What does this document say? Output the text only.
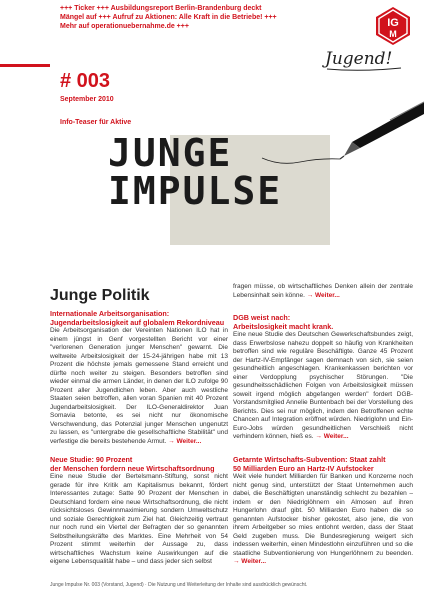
+++ Ticker +++ Ausbildungsreport Berlin-Brandenburg deckt
Mängel auf +++ Aufruf zu Aktionen: Alle Kraft in die Betriebe! +++
Mehr auf operationuebernahme.de +++	IG
M
Jugend!
# 003
September 2010
Info-Teaser für Aktive
JUNGE
IMPULSE
Junge Politik

Internationale Arbeitsorganisation:

Jugendarbeitslosigkeit auf globalem Rekordniveau

Die Arbeitsorganisation der Vereinten Nationen ILO hat in einem jüngst in Genf vorgestellten Bericht vor einer "verlorenen Generation junger Menschen" gewarnt. Die weltweite Arbeitslosigkeit der 15-24-jährigen habe mit 13 Prozent die höchste jemals gemessene Stand erreicht und dürfte noch weiter zu steigen. Besonders betroffen sind wieder einmal die armen Länder, in denen der ILO zufolge 90 Prozent aller Jugendlichen leben. Aber auch westliche Staaten seien betroffen, allen voran Spanien mit 40 Prozent Jugendarbeitslosigkeit. Der ILO-Generaldirektor Juan Somavia betonte, es sei nicht nur ökonomische Verschwendung, das Potenzial junger Menschen ungenutzt zu lassen, es "untergrabe die gesellschaftliche Stabilität" und verfestige die bereits bestehende Armut. → Weiter...

Neue Studie: 90 Prozent

der Menschen fordern neue Wirtschaftsordnung

Eine neue Studie der Bertelsmann-Stiftung, sonst nicht gerade für ihre Kritik am Kapitalismus bekannt, fördert Interessantes zutage: Satte 90 Prozent der Menschen in Deutschland fordern eine neue Wirtschaftsordnung, die nicht rücksichtsloses Gewinnmaximierung sondern Umweltschutz und soziale Gerechtigkeit zum Ziel hat. Gleichzeitig vertraut nur noch rund ein Viertel der Befragten der so genannten Selbstheilungskräfte des Marktes. Eine Mehrheit von 54 Prozent stimmt weiterhin der Aussage zu, dass wirtschaftliches Wachstum keine Auswirkungen auf die eigene Lebensqualität habe – und dass jeder sich selbst

fragen müsse, ob wirtschaftliches Denken allein der zentrale Lebensinhalt sein könne. → Weiter...

DGB weist nach:

Arbeitslosigkeit macht krank.

Eine neue Studie des Deutschen Gewerkschaftsbundes zeigt, dass Erwerbslose nahezu doppelt so häufig von Krankheiten betroffen sind wie reguläre Beschäftigte. Ganze 45 Prozent der Hartz-IV-Empfänger sagen demnach von sich, sie seien gesundheitlich angeschlagen. Krankenkassen berichten vor einer Verdopplung psychischer Störungen. "Die gesundheitsschädlichen Folgen von Arbeitslosigkeit müssen soweit irgend möglich abgefangen werden" fordert DGB-Vorstandsmitglied Annelie Buntenbach bei der Vorstellung des Berichts. Dies sei nur möglich, indem den Betroffenen echte Chancen auf Integration eröffnet würden. Niedriglohn und Ein-Euro-Jobs würden gesundheitlichen Verschleiß nicht verhindern können, hieß es. → Weiter...

Getarnte Wirtschafts-Subvention: Staat zahlt

50 Milliarden Euro an Hartz-IV Aufstocker

Weit viele hundert Milliarden für Banken und Konzerne noch nicht genug sind, unterstützt der Staat Unternehmen auch dabei, die Beschäftigten unanständig schlecht zu bezahlen – indem er den Niedriglöhnern ein Almosen auf ihren Hungerlohn drauf gibt. 50 Milliarden Euro haben die so genannten Aufstocker bisher gekostet, also jene, die von ihrem Arbeitgeber so mies entlohnt werden, dass der Staat Geld zugeben muss. Die Bundesregierung weigert sich indessen weiterhin, einen Mindestlohn einzuführen und so die staatliche Subventionierung von Hungerlöhnern zu beenden. → Weiter...

Junge Impulse Nr. 003 (Vorstand, Jugend) · Die Nutzung und Weiterleitung der Inhalte sind ausdrücklich gewünscht.
